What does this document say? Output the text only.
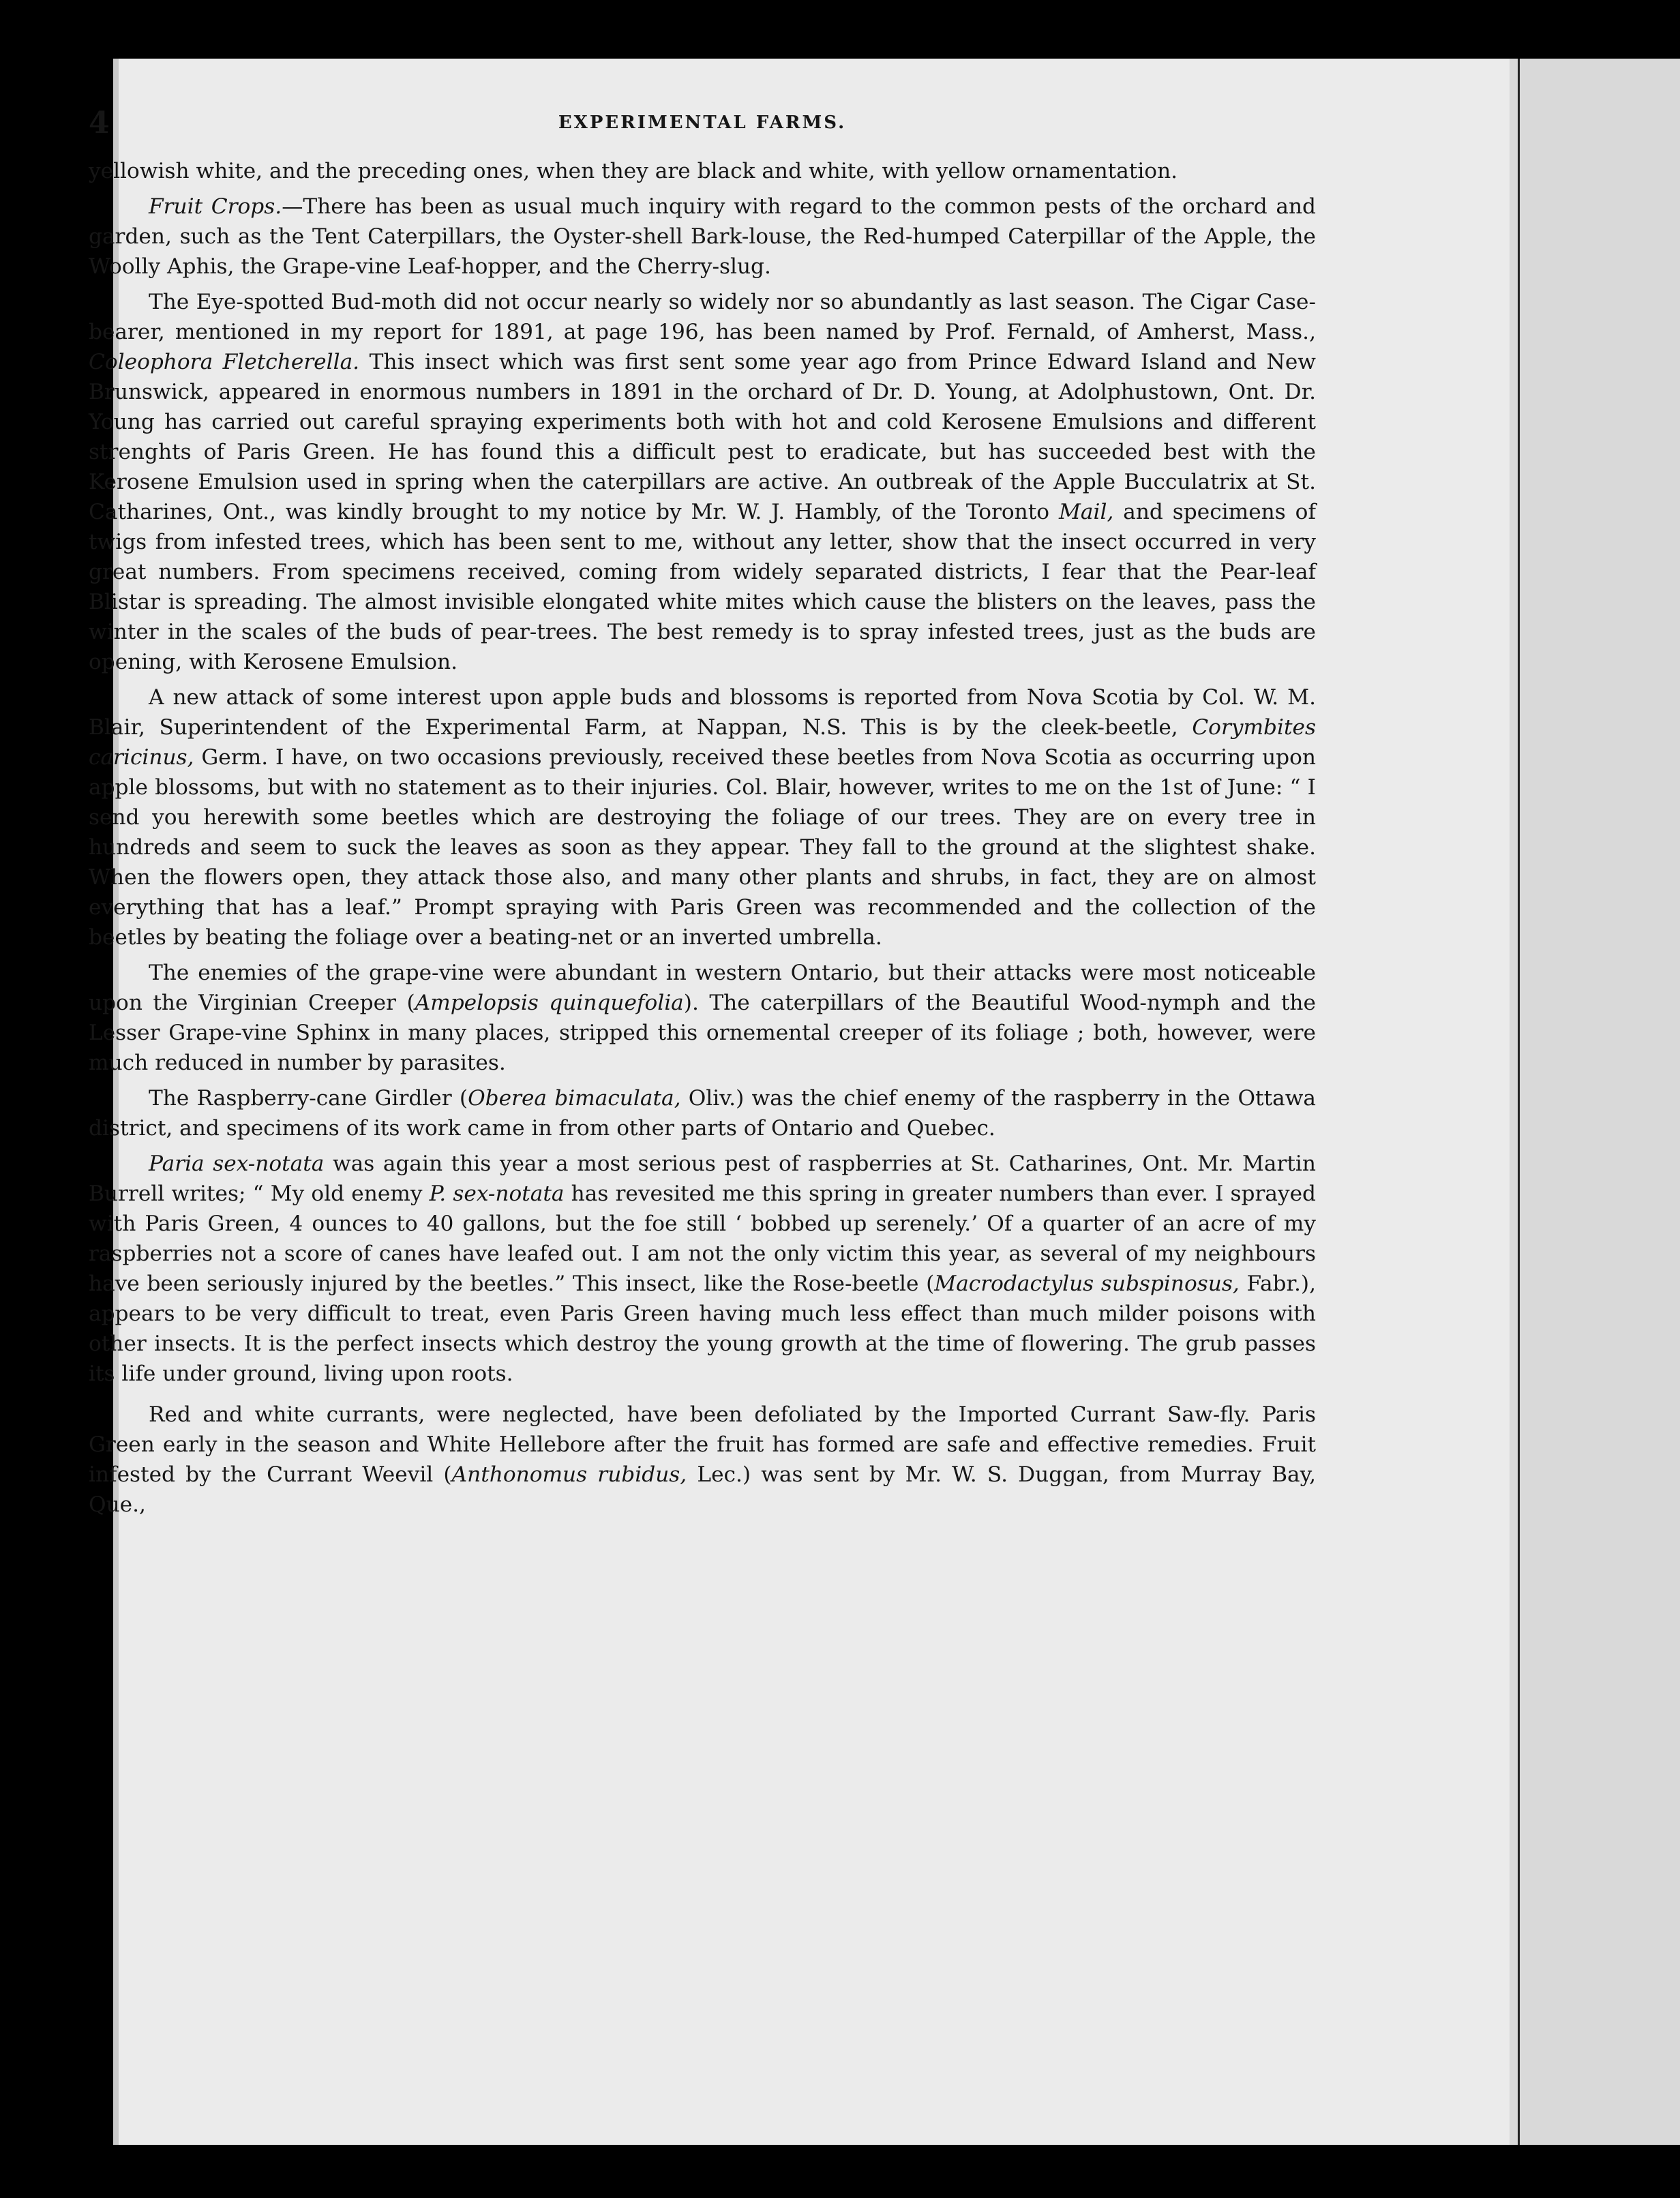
4	EXPERIMENTAL FARMS.

yellowish white, and the preceding ones, when they are black and white, with yellow ornamentation.

Fruit Crops.—There has been as usual much inquiry with regard to the common pests of the orchard and garden, such as the Tent Caterpillars, the Oyster-shell Bark-louse, the Red-humped Caterpillar of the Apple, the Woolly Aphis, the Grape-vine Leaf-hopper, and the Cherry-slug.

The Eye-spotted Bud-moth did not occur nearly so widely nor so abundantly as last season. The Cigar Case-bearer, mentioned in my report for 1891, at page 196, has been named by Prof. Fernald, of Amherst, Mass., Coleophora Fletcherella. This insect which was first sent some year ago from Prince Edward Island and New Brunswick, appeared in enormous numbers in 1891 in the orchard of Dr. D. Young, at Adolphustown, Ont. Dr. Young has carried out careful spraying experiments both with hot and cold Kerosene Emulsions and different strenghts of Paris Green. He has found this a difficult pest to eradicate, but has succeeded best with the Kerosene Emulsion used in spring when the caterpillars are active. An outbreak of the Apple Bucculatrix at St. Catharines, Ont., was kindly brought to my notice by Mr. W. J. Hambly, of the Toronto Mail, and specimens of twigs from infested trees, which has been sent to me, without any letter, show that the insect occurred in very great numbers. From specimens received, coming from widely separated districts, I fear that the Pear-leaf Blistar is spreading. The almost invisible elongated white mites which cause the blisters on the leaves, pass the winter in the scales of the buds of pear-trees. The best remedy is to spray infested trees, just as the buds are opening, with Kerosene Emulsion.

A new attack of some interest upon apple buds and blossoms is reported from Nova Scotia by Col. W. M. Blair, Superintendent of the Experimental Farm, at Nappan, N.S. This is by the cleek-beetle, Corymbites caricinus, Germ. I have, on two occasions previously, received these beetles from Nova Scotia as occurring upon apple blossoms, but with no statement as to their injuries. Col. Blair, however, writes to me on the 1st of June: “ I send you herewith some beetles which are destroying the foliage of our trees. They are on every tree in hundreds and seem to suck the leaves as soon as they appear. They fall to the ground at the slightest shake. When the flowers open, they attack those also, and many other plants and shrubs, in fact, they are on almost everything that has a leaf.” Prompt spraying with Paris Green was recommended and the collection of the beetles by beating the foliage over a beating-net or an inverted umbrella.

The enemies of the grape-vine were abundant in western Ontario, but their attacks were most noticeable upon the Virginian Creeper (Ampelopsis quinquefolia). The caterpillars of the Beautiful Wood-nymph and the Lesser Grape-vine Sphinx in many places, stripped this ornemental creeper of its foliage ; both, however, were much reduced in number by parasites.

The Raspberry-cane Girdler (Oberea bimaculata, Oliv.) was the chief enemy of the raspberry in the Ottawa district, and specimens of its work came in from other parts of Ontario and Quebec.

Paria sex-notata was again this year a most serious pest of raspberries at St. Catharines, Ont. Mr. Martin Burrell writes; “ My old enemy P. sex-notata has revesited me this spring in greater numbers than ever. I sprayed with Paris Green, 4 ounces to 40 gallons, but the foe still ‘ bobbed up serenely.’ Of a quarter of an acre of my raspberries not a score of canes have leafed out. I am not the only victim this year, as several of my neighbours have been seriously injured by the beetles.” This insect, like the Rose-beetle (Macrodactylus subspinosus, Fabr.), appears to be very difficult to treat, even Paris Green having much less effect than much milder poisons with other insects. It is the perfect insects which destroy the young growth at the time of flowering. The grub passes its life under ground, living upon roots.

Red and white currants, were neglected, have been defoliated by the Imported Currant Saw-fly. Paris Green early in the season and White Hellebore after the fruit has formed are safe and effective remedies. Fruit infested by the Currant Weevil (Anthonomus rubidus, Lec.) was sent by Mr. W. S. Duggan, from Murray Bay, Que.,
